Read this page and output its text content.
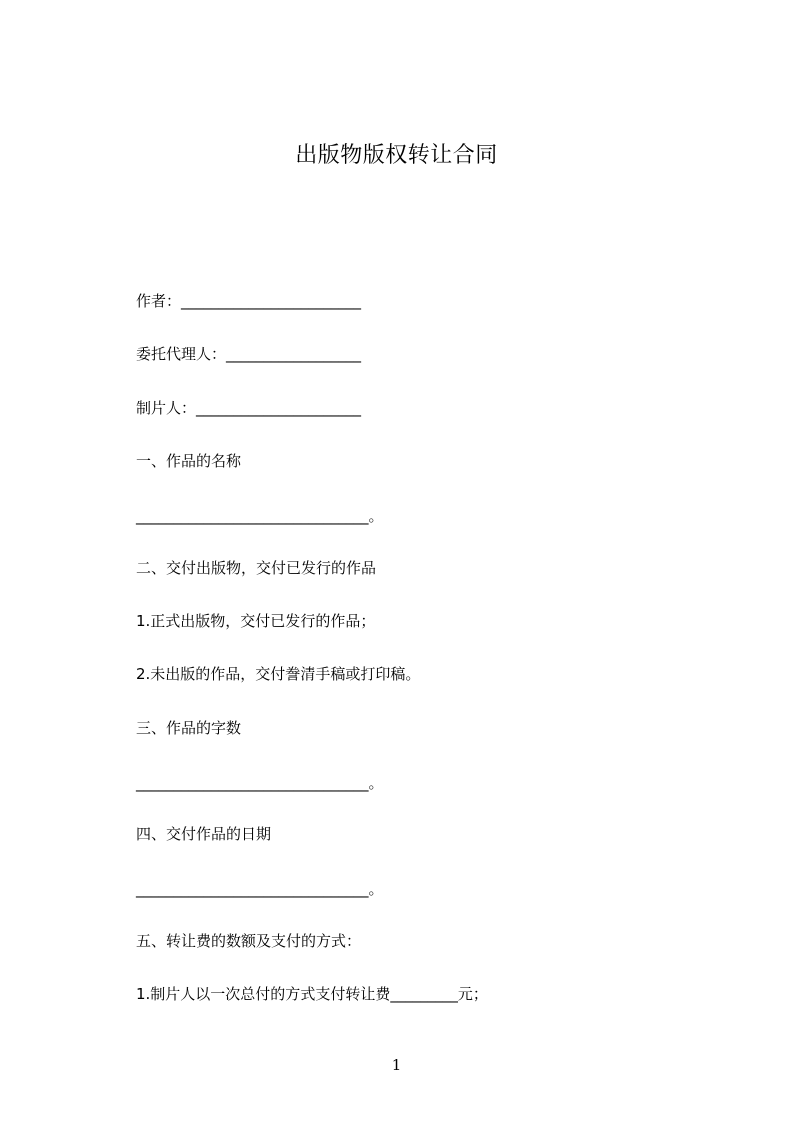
出版物版权转让合同

作者：________________________

委托代理人：__________________

制片人：______________________

一、作品的名称

_______________________________。

二、交付出版物，交付已发行的作品

1.正式出版物，交付已发行的作品；

2.未出版的作品，交付誊清手稿或打印稿。

三、作品的字数

_______________________________。

四、交付作品的日期

_______________________________。

五、转让费的数额及支付的方式：

1.制片人以一次总付的方式支付转让费_________元；

1
